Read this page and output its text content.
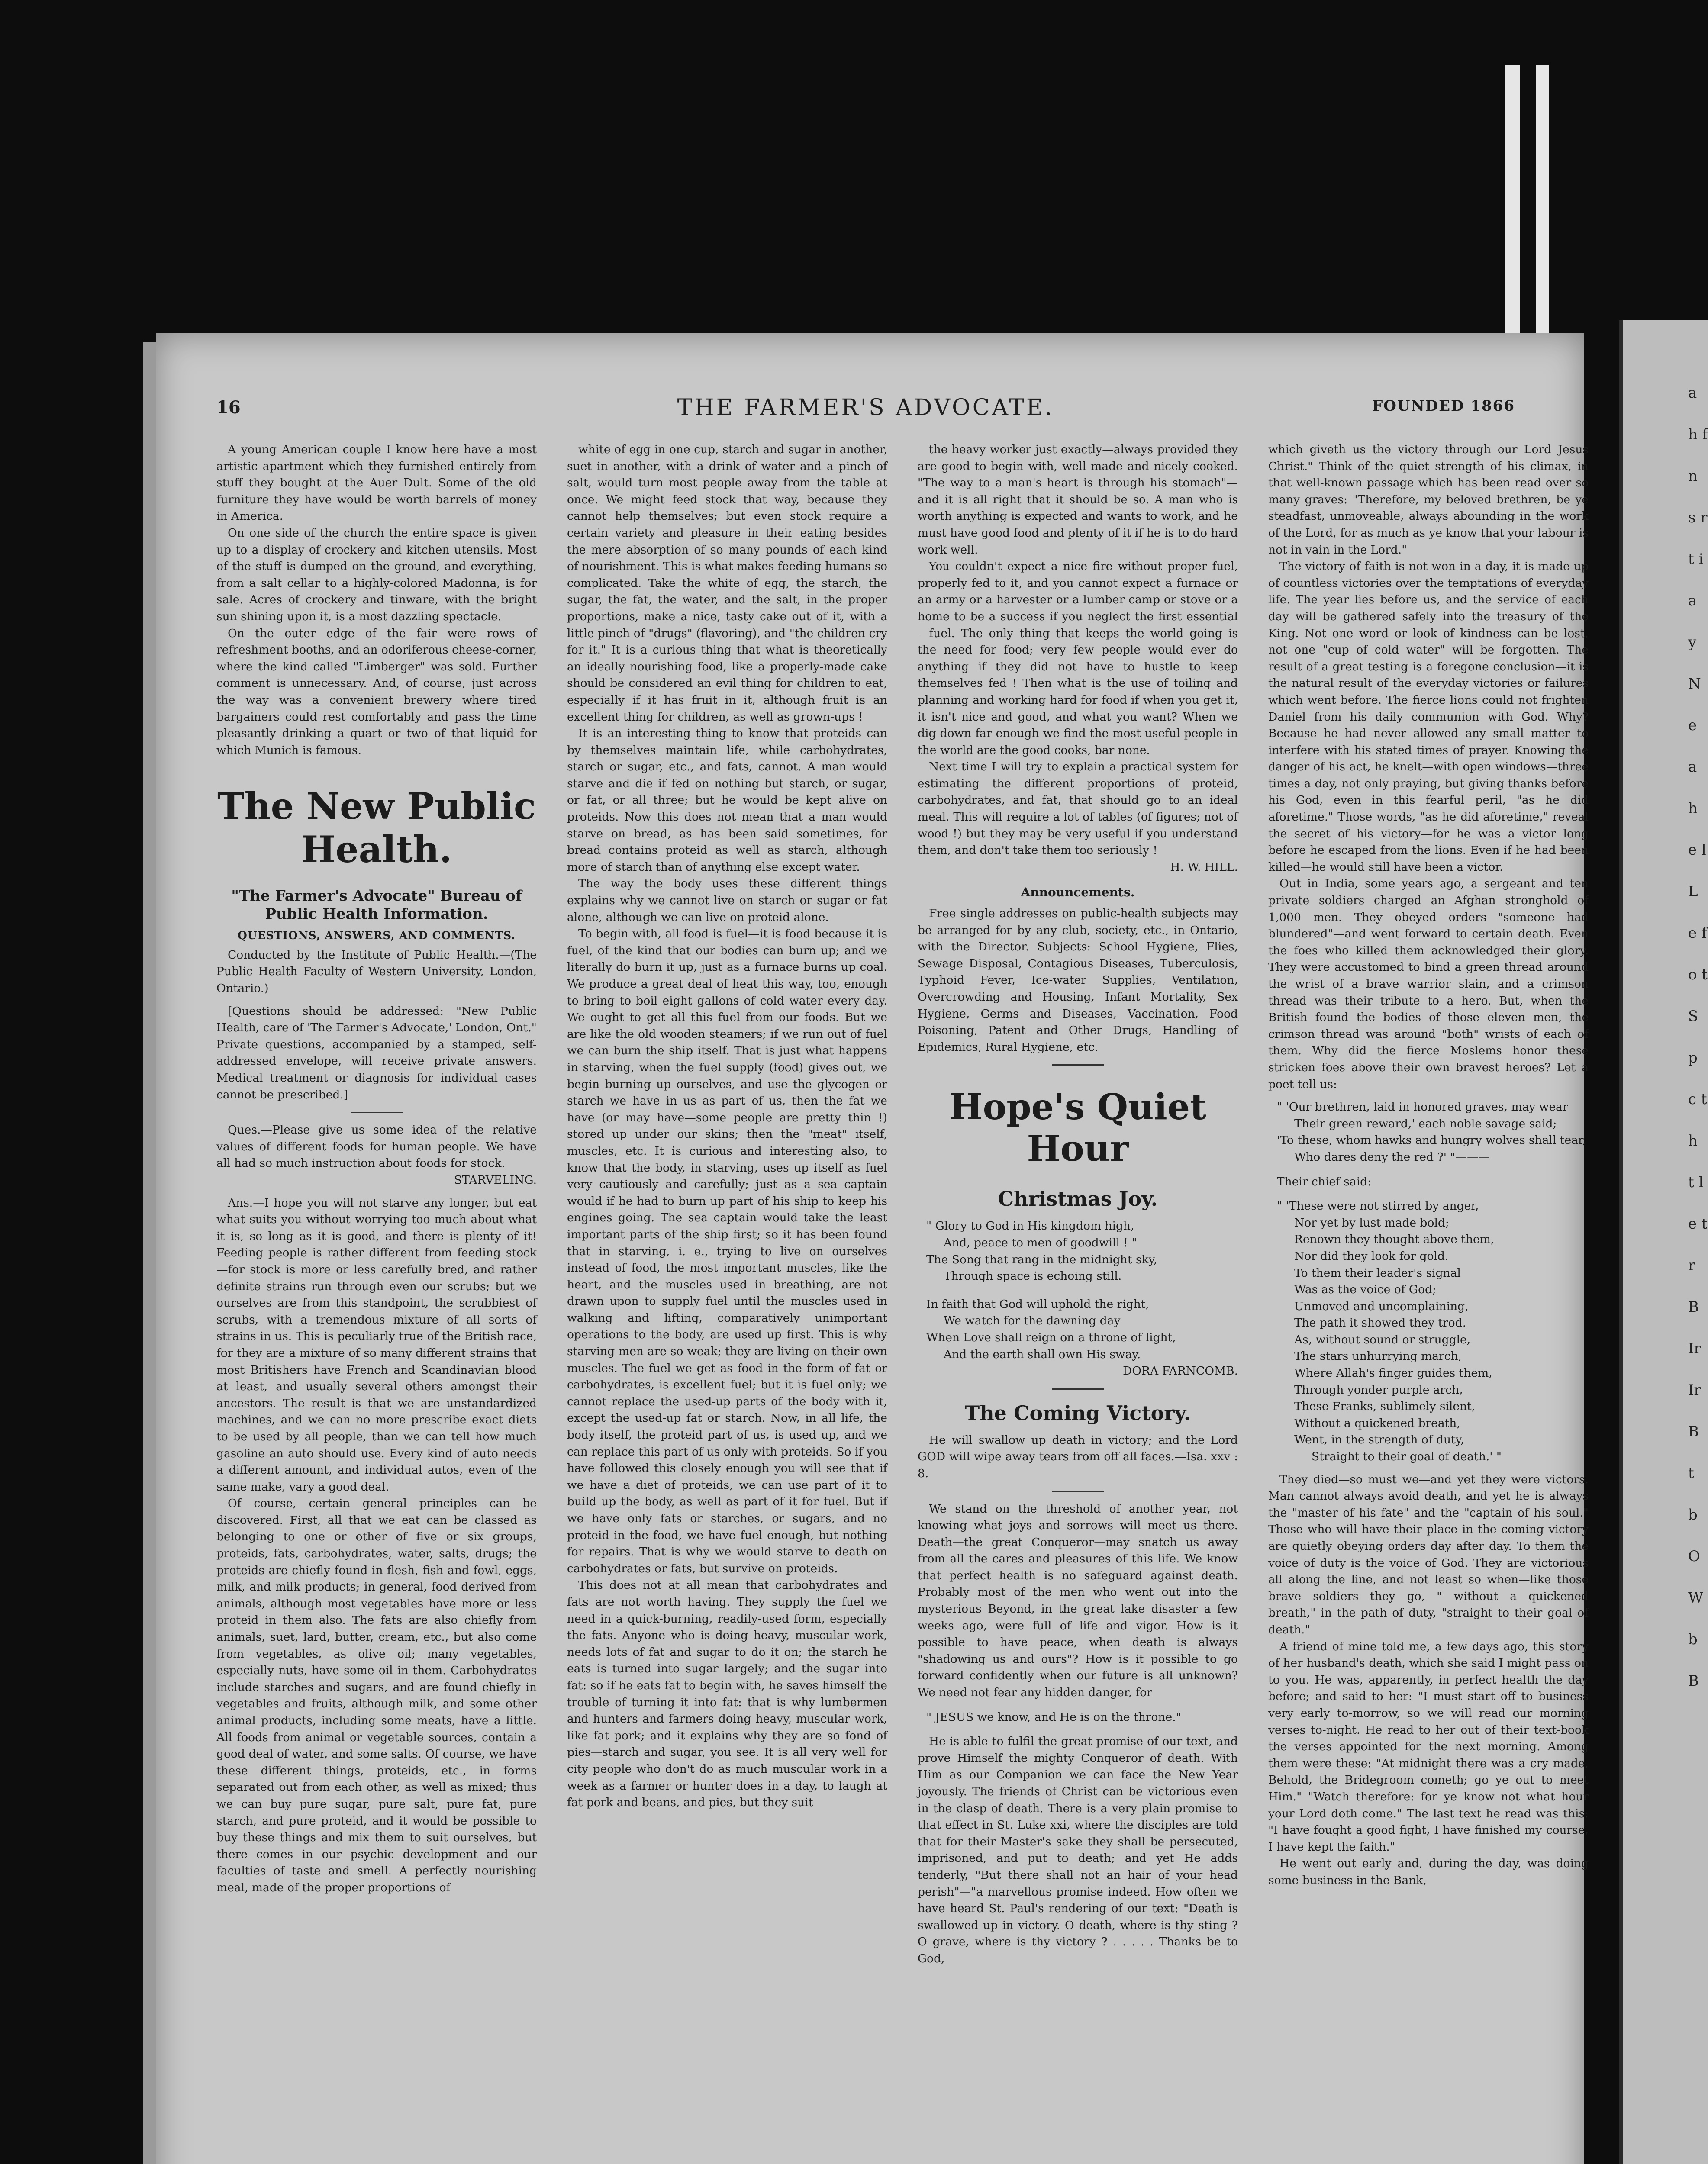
a h f n s r t i a y N e a h e l L e fo t S p c t h t le tr B Ir Ir B t b O W b B
16	THE FARMER'S ADVOCATE.	FOUNDED 1866

A young American couple I know here have a most artistic apartment which they furnished entirely from stuff they bought at the Auer Dult. Some of the old furniture they have would be worth barrels of money in America.

On one side of the church the entire space is given up to a display of crockery and kitchen utensils. Most of the stuff is dumped on the ground, and everything, from a salt cellar to a highly-colored Madonna, is for sale. Acres of crockery and tinware, with the bright sun shining upon it, is a most dazzling spectacle.

On the outer edge of the fair were rows of refreshment booths, and an odoriferous cheese-corner, where the kind called "Limberger" was sold. Further comment is unnecessary. And, of course, just across the way was a convenient brewery where tired bargainers could rest comfortably and pass the time pleasantly drinking a quart or two of that liquid for which Munich is famous.

The New Public Health.
"The Farmer's Advocate" Bureau of Public Health Information.
QUESTIONS, ANSWERS, AND COMMENTS.

Conducted by the Institute of Public Health.—(The Public Health Faculty of Western University, London, Ontario.)

[Questions should be addressed: "New Public Health, care of 'The Farmer's Advocate,' London, Ont." Private questions, accompanied by a stamped, self-addressed envelope, will receive private answers. Medical treatment or diagnosis for individual cases cannot be prescribed.]

Ques.—Please give us some idea of the relative values of different foods for human people. We have all had so much instruction about foods for stock.

STARVELING.

Ans.—I hope you will not starve any longer, but eat what suits you without worrying too much about what it is, so long as it is good, and there is plenty of it! Feeding people is rather different from feeding stock—for stock is more or less carefully bred, and rather definite strains run through even our scrubs; but we ourselves are from this standpoint, the scrubbiest of scrubs, with a tremendous mixture of all sorts of strains in us. This is peculiarly true of the British race, for they are a mixture of so many different strains that most Britishers have French and Scandinavian blood at least, and usually several others amongst their ancestors. The result is that we are unstandardized machines, and we can no more prescribe exact diets to be used by all people, than we can tell how much gasoline an auto should use. Every kind of auto needs a different amount, and individual autos, even of the same make, vary a good deal.

Of course, certain general principles can be discovered. First, all that we eat can be classed as belonging to one or other of five or six groups, proteids, fats, carbohydrates, water, salts, drugs; the proteids are chiefly found in flesh, fish and fowl, eggs, milk, and milk products; in general, food derived from animals, although most vegetables have more or less proteid in them also. The fats are also chiefly from animals, suet, lard, butter, cream, etc., but also come from vegetables, as olive oil; many vegetables, especially nuts, have some oil in them. Carbohydrates include starches and sugars, and are found chiefly in vegetables and fruits, although milk, and some other animal products, including some meats, have a little. All foods from animal or vegetable sources, contain a good deal of water, and some salts. Of course, we have these different things, proteids, etc., in forms separated out from each other, as well as mixed; thus we can buy pure sugar, pure salt, pure fat, pure starch, and pure proteid, and it would be possible to buy these things and mix them to suit ourselves, but there comes in our psychic development and our faculties of taste and smell. A perfectly nourishing meal, made of the proper proportions of

white of egg in one cup, starch and sugar in another, suet in another, with a drink of water and a pinch of salt, would turn most people away from the table at once. We might feed stock that way, because they cannot help themselves; but even stock require a certain variety and pleasure in their eating besides the mere absorption of so many pounds of each kind of nourishment. This is what makes feeding humans so complicated. Take the white of egg, the starch, the sugar, the fat, the water, and the salt, in the proper proportions, make a nice, tasty cake out of it, with a little pinch of "drugs" (flavoring), and "the children cry for it." It is a curious thing that what is theoretically an ideally nourishing food, like a properly-made cake should be considered an evil thing for children to eat, especially if it has fruit in it, although fruit is an excellent thing for children, as well as grown-ups !

It is an interesting thing to know that proteids can by themselves maintain life, while carbohydrates, starch or sugar, etc., and fats, cannot. A man would starve and die if fed on nothing but starch, or sugar, or fat, or all three; but he would be kept alive on proteids. Now this does not mean that a man would starve on bread, as has been said sometimes, for bread contains proteid as well as starch, although more of starch than of anything else except water.

The way the body uses these different things explains why we cannot live on starch or sugar or fat alone, although we can live on proteid alone.

To begin with, all food is fuel—it is food because it is fuel, of the kind that our bodies can burn up; and we literally do burn it up, just as a furnace burns up coal. We produce a great deal of heat this way, too, enough to bring to boil eight gallons of cold water every day. We ought to get all this fuel from our foods. But we are like the old wooden steamers; if we run out of fuel we can burn the ship itself. That is just what happens in starving, when the fuel supply (food) gives out, we begin burning up ourselves, and use the glycogen or starch we have in us as part of us, then the fat we have (or may have—some people are pretty thin !) stored up under our skins; then the "meat" itself, muscles, etc. It is curious and interesting also, to know that the body, in starving, uses up itself as fuel very cautiously and carefully; just as a sea captain would if he had to burn up part of his ship to keep his engines going. The sea captain would take the least important parts of the ship first; so it has been found that in starving, i. e., trying to live on ourselves instead of food, the most important muscles, like the heart, and the muscles used in breathing, are not drawn upon to supply fuel until the muscles used in walking and lifting, comparatively unimportant operations to the body, are used up first. This is why starving men are so weak; they are living on their own muscles. The fuel we get as food in the form of fat or carbohydrates, is excellent fuel; but it is fuel only; we cannot replace the used-up parts of the body with it, except the used-up fat or starch. Now, in all life, the body itself, the proteid part of us, is used up, and we can replace this part of us only with proteids. So if you have followed this closely enough you will see that if we have a diet of proteids, we can use part of it to build up the body, as well as part of it for fuel. But if we have only fats or starches, or sugars, and no proteid in the food, we have fuel enough, but nothing for repairs. That is why we would starve to death on carbohydrates or fats, but survive on proteids.

This does not at all mean that carbohydrates and fats are not worth having. They supply the fuel we need in a quick-burning, readily-used form, especially the fats. Anyone who is doing heavy, muscular work, needs lots of fat and sugar to do it on; the starch he eats is turned into sugar largely; and the sugar into fat: so if he eats fat to begin with, he saves himself the trouble of turning it into fat: that is why lumbermen and hunters and farmers doing heavy, muscular work, like fat pork; and it explains why they are so fond of pies—starch and sugar, you see. It is all very well for city people who don't do as much muscular work in a week as a farmer or hunter does in a day, to laugh at fat pork and beans, and pies, but they suit

the heavy worker just exactly—always provided they are good to begin with, well made and nicely cooked. "The way to a man's heart is through his stomach"—and it is all right that it should be so. A man who is worth anything is expected and wants to work, and he must have good food and plenty of it if he is to do hard work well.

You couldn't expect a nice fire without proper fuel, properly fed to it, and you cannot expect a furnace or an army or a harvester or a lumber camp or stove or a home to be a success if you neglect the first essential—fuel. The only thing that keeps the world going is the need for food; very few people would ever do anything if they did not have to hustle to keep themselves fed ! Then what is the use of toiling and planning and working hard for food if when you get it, it isn't nice and good, and what you want? When we dig down far enough we find the most useful people in the world are the good cooks, bar none.

Next time I will try to explain a practical system for estimating the different proportions of proteid, carbohydrates, and fat, that should go to an ideal meal. This will require a lot of tables (of figures; not of wood !) but they may be very useful if you understand them, and don't take them too seriously !

H. W. HILL.

Announcements.

Free single addresses on public-health subjects may be arranged for by any club, society, etc., in Ontario, with the Director. Subjects: School Hygiene, Flies, Sewage Disposal, Contagious Diseases, Tuberculosis, Typhoid Fever, Ice-water Supplies, Ventilation, Overcrowding and Housing, Infant Mortality, Sex Hygiene, Germs and Diseases, Vaccination, Food Poisoning, Patent and Other Drugs, Handling of Epidemics, Rural Hygiene, etc.

Hope's Quiet Hour
Christmas Joy.

" Glory to God in His kingdom high,

And, peace to men of goodwill ! "

The Song that rang in the midnight sky,

Through space is echoing still.

In faith that God will uphold the right,

We watch for the dawning day

When Love shall reign on a throne of light,

And the earth shall own His sway.

DORA FARNCOMB.

The Coming Victory.

He will swallow up death in victory; and the Lord GOD will wipe away tears from off all faces.—Isa. xxv : 8.

We stand on the threshold of another year, not knowing what joys and sorrows will meet us there. Death—the great Conqueror—may snatch us away from all the cares and pleasures of this life. We know that perfect health is no safeguard against death. Probably most of the men who went out into the mysterious Beyond, in the great lake disaster a few weeks ago, were full of life and vigor. How is it possible to have peace, when death is always "shadowing us and ours"? How is it possible to go forward confidently when our future is all unknown? We need not fear any hidden danger, for

" JESUS we know, and He is on the throne."

He is able to fulfil the great promise of our text, and prove Himself the mighty Conqueror of death. With Him as our Companion we can face the New Year joyously. The friends of Christ can be victorious even in the clasp of death. There is a very plain promise to that effect in St. Luke xxi, where the disciples are told that for their Master's sake they shall be persecuted, imprisoned, and put to death; and yet He adds tenderly, "But there shall not an hair of your head perish"—"a marvellous promise indeed. How often we have heard St. Paul's rendering of our text: "Death is swallowed up in victory. O death, where is thy sting ? O grave, where is thy victory ? . . . . . Thanks be to God,

which giveth us the victory through our Lord Jesus Christ." Think of the quiet strength of his climax, in that well-known passage which has been read over so many graves: "Therefore, my beloved brethren, be ye steadfast, unmoveable, always abounding in the work of the Lord, for as much as ye know that your labour is not in vain in the Lord."

The victory of faith is not won in a day, it is made up of countless victories over the temptations of everyday life. The year lies before us, and the service of each day will be gathered safely into the treasury of the King. Not one word or look of kindness can be lost, not one "cup of cold water" will be forgotten. The result of a great testing is a foregone conclusion—it is the natural result of the everyday victories or failures which went before. The fierce lions could not frighten Daniel from his daily communion with God. Why? Because he had never allowed any small matter to interfere with his stated times of prayer. Knowing the danger of his act, he knelt—with open windows—three times a day, not only praying, but giving thanks before his God, even in this fearful peril, "as he did aforetime." Those words, "as he did aforetime," reveal the secret of his victory—for he was a victor long before he escaped from the lions. Even if he had been killed—he would still have been a victor.

Out in India, some years ago, a sergeant and ten private soldiers charged an Afghan stronghold of 1,000 men. They obeyed orders—"someone had blundered"—and went forward to certain death. Even the foes who killed them acknowledged their glory. They were accustomed to bind a green thread around the wrist of a brave warrior slain, and a crimson thread was their tribute to a hero. But, when the British found the bodies of those eleven men, the crimson thread was around "both" wrists of each of them. Why did the fierce Moslems honor these stricken foes above their own bravest heroes? Let a poet tell us:

" 'Our brethren, laid in honored graves, may wear

Their green reward,' each noble savage said;

'To these, whom hawks and hungry wolves shall tear,

Who dares deny the red ?' "———

Their chief said:

" 'These were not stirred by anger,

Nor yet by lust made bold;

Renown they thought above them,

Nor did they look for gold.

To them their leader's signal

Was as the voice of God;

Unmoved and uncomplaining,

The path it showed they trod.

As, without sound or struggle,

The stars unhurrying march,

Where Allah's finger guides them,

Through yonder purple arch,

These Franks, sublimely silent,

Without a quickened breath,

Went, in the strength of duty,

Straight to their goal of death.' "

They died—so must we—and yet they were victors. Man cannot always avoid death, and yet he is always the "master of his fate" and the "captain of his soul." Those who will have their place in the coming victory are quietly obeying orders day after day. To them the voice of duty is the voice of God. They are victorious all along the line, and not least so when—like those brave soldiers—they go, " without a quickened breath," in the path of duty, "straight to their goal of death."

A friend of mine told me, a few days ago, this story of her husband's death, which she said I might pass on to you. He was, apparently, in perfect health the day before; and said to her: "I must start off to business very early to-morrow, so we will read our morning verses to-night. He read to her out of their text-book the verses appointed for the next morning. Among them were these: "At midnight there was a cry made, Behold, the Bridegroom cometh; go ye out to meet Him." "Watch therefore: for ye know not what hour your Lord doth come." The last text he read was this: "I have fought a good fight, I have finished my course, I have kept the faith."

He went out early and, during the day, was doing some business in the Bank,
